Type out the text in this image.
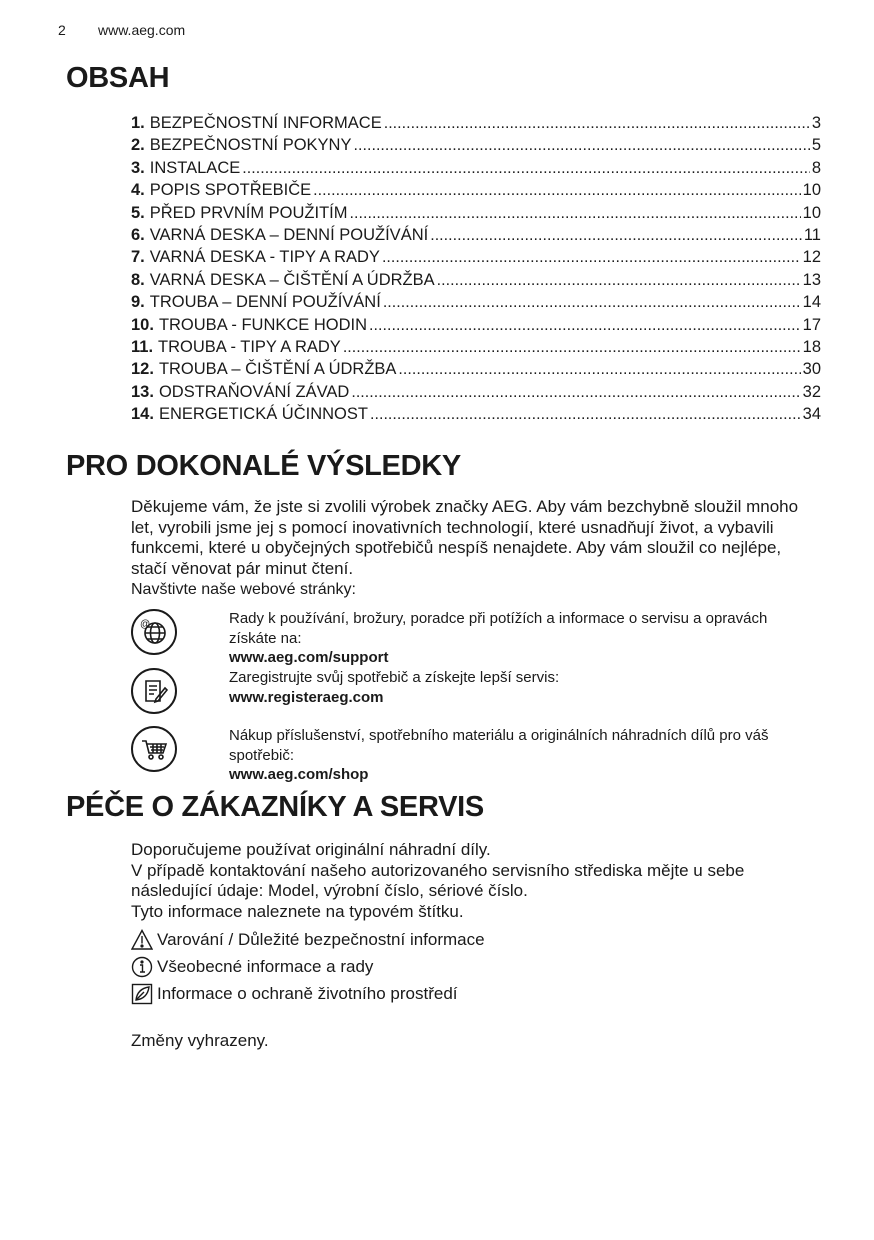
2 www.aeg.com
OBSAH
1. BEZPEČNOSTNÍ INFORMACE . . .	3
2. BEZPEČNOSTNÍ POKYNY . . .	5
3. INSTALACE . . .	8
4. POPIS SPOTŘEBIČE . . .	10
5. PŘED PRVNÍM POUŽITÍM . . .	10
6. VARNÁ DESKA – DENNÍ POUŽÍVÁNÍ . . .	11
7. VARNÁ DESKA - TIPY A RADY . . .	12
8. VARNÁ DESKA – ČIŠTĚNÍ A ÚDRŽBA . . .	13
9. TROUBA – DENNÍ POUŽÍVÁNÍ . . .	14
10. TROUBA - FUNKCE HODIN . . .	17
11. TROUBA - TIPY A RADY . . .	18
12. TROUBA – ČIŠTĚNÍ A ÚDRŽBA . . .	30
13. ODSTRAŇOVÁNÍ ZÁVAD . . .	32
14. ENERGETICKÁ ÚČINNOST . . .	34
PRO DOKONALÉ VÝSLEDKY

Děkujeme vám, že jste si zvolili výrobek značky AEG. Aby vám bezchybně sloužil mnoho let, vyrobili jsme jej s pomocí inovativních technologií, které usnadňují život, a vybavili funkcemi, které u obyčejných spotřebičů nespíš nenajdete. Aby vám sloužil co nejlépe, stačí věnovat pár minut čtení.

Navštivte naše webové stránky:

@	Rady k používání, brožury, poradce při potížích a informace o servisu a opravách získáte na:
www.aeg.com/support
Zaregistrujte svůj spotřebič a získejte lepší servis:
www.registeraeg.com
Nákup příslušenství, spotřebního materiálu a originálních náhradních dílů pro váš spotřebič:
www.aeg.com/shop
PÉČE O ZÁKAZNÍKY A SERVIS

Doporučujeme používat originální náhradní díly.

V případě kontaktování našeho autorizovaného servisního střediska mějte u sebe následující údaje: Model, výrobní číslo, sériové číslo.

Tyto informace naleznete na typovém štítku.

Varování / Důležité bezpečnostní informace
Všeobecné informace a rady
Informace o ochraně životního prostředí
Změny vyhrazeny.
